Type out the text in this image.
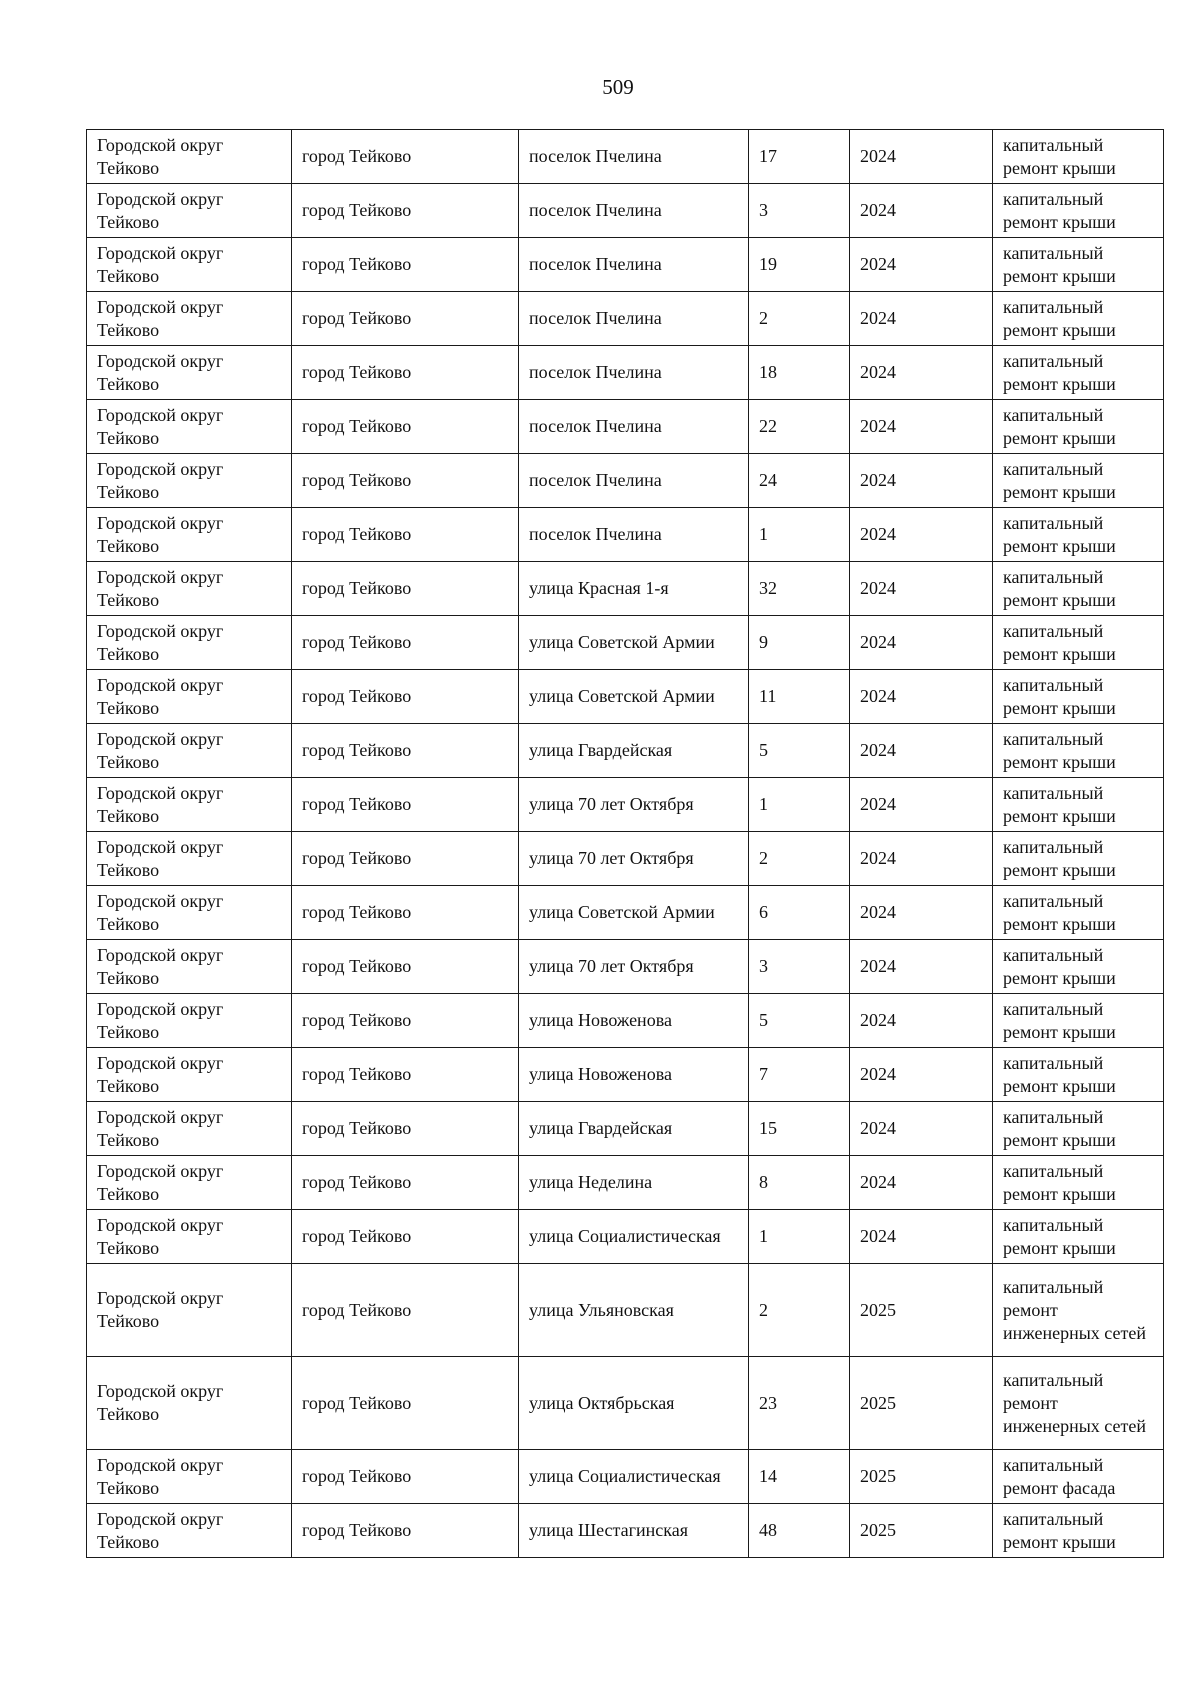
509
Городской округ Тейково	город Тейково	поселок Пчелина	17	2024	капитальный ремонт крыши
Городской округ Тейково	город Тейково	поселок Пчелина	3	2024	капитальный ремонт крыши
Городской округ Тейково	город Тейково	поселок Пчелина	19	2024	капитальный ремонт крыши
Городской округ Тейково	город Тейково	поселок Пчелина	2	2024	капитальный ремонт крыши
Городской округ Тейково	город Тейково	поселок Пчелина	18	2024	капитальный ремонт крыши
Городской округ Тейково	город Тейково	поселок Пчелина	22	2024	капитальный ремонт крыши
Городской округ Тейково	город Тейково	поселок Пчелина	24	2024	капитальный ремонт крыши
Городской округ Тейково	город Тейково	поселок Пчелина	1	2024	капитальный ремонт крыши
Городской округ Тейково	город Тейково	улица Красная 1-я	32	2024	капитальный ремонт крыши
Городской округ Тейково	город Тейково	улица Советской Армии	9	2024	капитальный ремонт крыши
Городской округ Тейково	город Тейково	улица Советской Армии	11	2024	капитальный ремонт крыши
Городской округ Тейково	город Тейково	улица Гвардейская	5	2024	капитальный ремонт крыши
Городской округ Тейково	город Тейково	улица 70 лет Октября	1	2024	капитальный ремонт крыши
Городской округ Тейково	город Тейково	улица 70 лет Октября	2	2024	капитальный ремонт крыши
Городской округ Тейково	город Тейково	улица Советской Армии	6	2024	капитальный ремонт крыши
Городской округ Тейково	город Тейково	улица 70 лет Октября	3	2024	капитальный ремонт крыши
Городской округ Тейково	город Тейково	улица Новоженова	5	2024	капитальный ремонт крыши
Городской округ Тейково	город Тейково	улица Новоженова	7	2024	капитальный ремонт крыши
Городской округ Тейково	город Тейково	улица Гвардейская	15	2024	капитальный ремонт крыши
Городской округ Тейково	город Тейково	улица Неделина	8	2024	капитальный ремонт крыши
Городской округ Тейково	город Тейково	улица Социалистическая	1	2024	капитальный ремонт крыши
Городской округ Тейково	город Тейково	улица Ульяновская	2	2025	капитальный ремонт инженерных сетей
Городской округ Тейково	город Тейково	улица Октябрьская	23	2025	капитальный ремонт инженерных сетей
Городской округ Тейково	город Тейково	улица Социалистическая	14	2025	капитальный ремонт фасада
Городской округ Тейково	город Тейково	улица Шестагинская	48	2025	капитальный ремонт крыши
